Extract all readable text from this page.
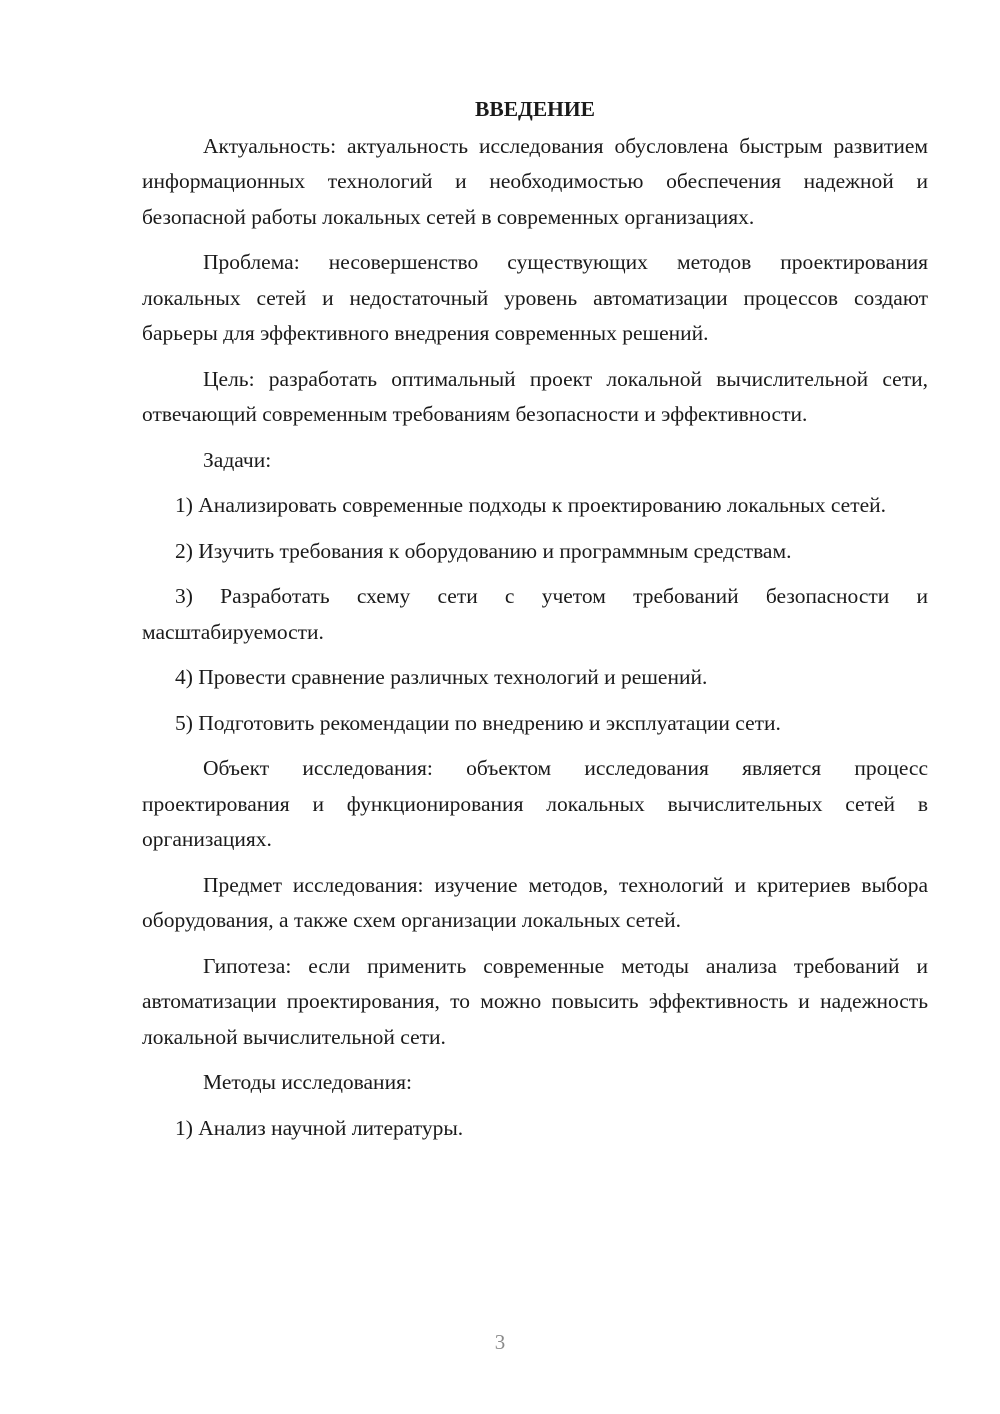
ВВЕДЕНИЕ

Актуальность: актуальность исследования обусловлена быстрым развитием информационных технологий и необходимостью обеспечения надежной и безопасной работы локальных сетей в современных организациях.

Проблема: несовершенство существующих методов проектирования локальных сетей и недостаточный уровень автоматизации процессов создают барьеры для эффективного внедрения современных решений.

Цель: разработать оптимальный проект локальной вычислительной сети, отвечающий современным требованиям безопасности и эффективности.

Задачи:

1) Анализировать современные подходы к проектированию локальных сетей.

2) Изучить требования к оборудованию и программным средствам.

3) Разработать схему сети с учетом требований безопасности и масштабируемости.

4) Провести сравнение различных технологий и решений.

5) Подготовить рекомендации по внедрению и эксплуатации сети.

Объект исследования: объектом исследования является процесс проектирования и функционирования локальных вычислительных сетей в организациях.

Предмет исследования: изучение методов, технологий и критериев выбора оборудования, а также схем организации локальных сетей.

Гипотеза: если применить современные методы анализа требований и автоматизации проектирования, то можно повысить эффективность и надежность локальной вычислительной сети.

Методы исследования:

1) Анализ научной литературы.

3
